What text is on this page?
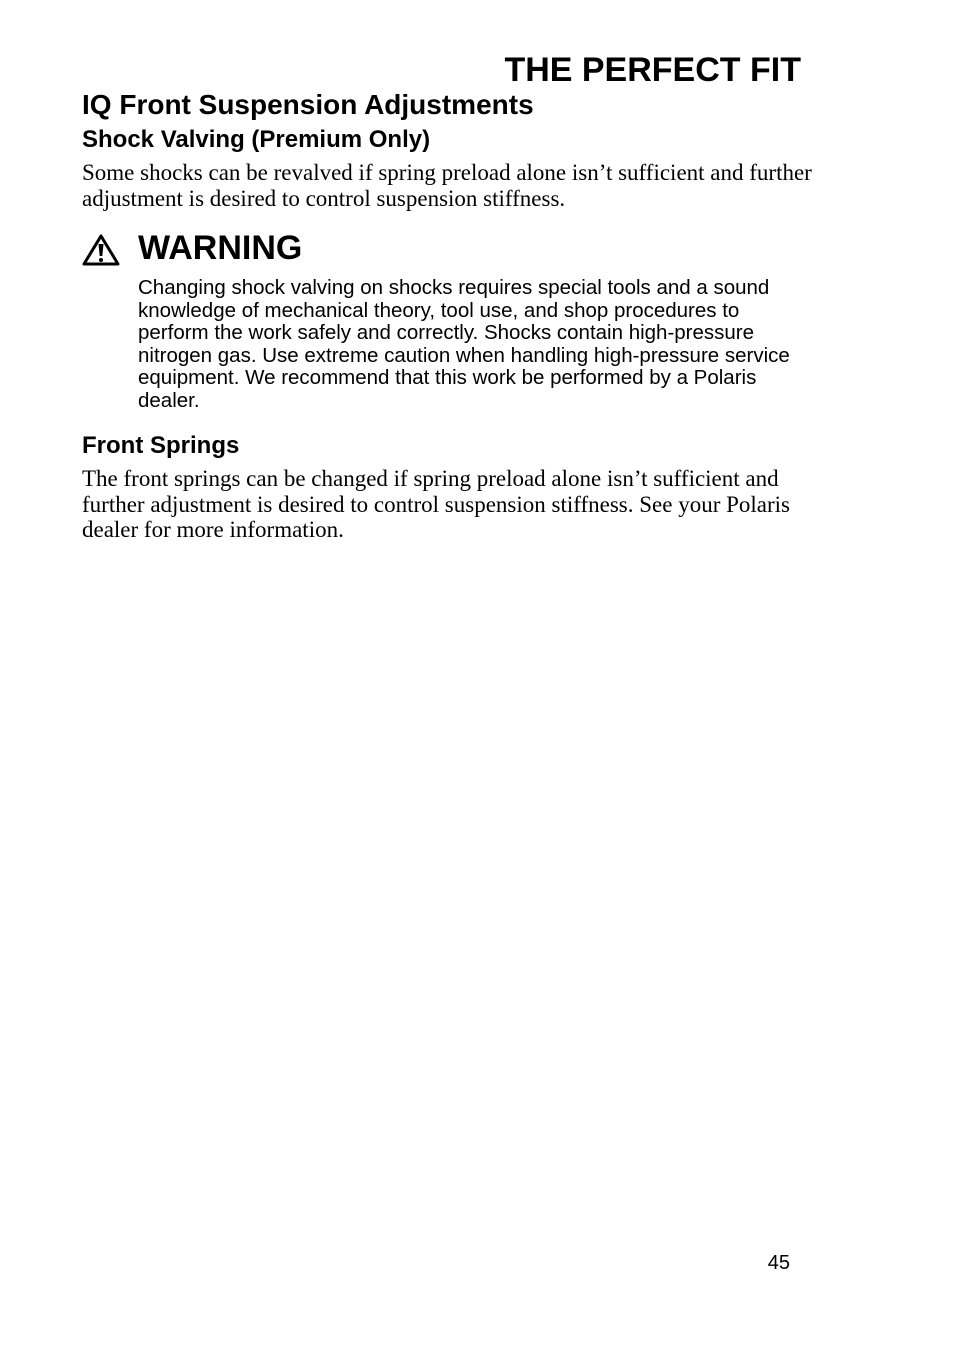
THE PERFECT FIT
IQ Front Suspension Adjustments
Shock Valving (Premium Only)

Some shocks can be revalved if spring preload alone isn’t sufficient and further adjustment is desired to control suspension stiffness.

WARNING

Changing shock valving on shocks requires special tools and a sound knowledge of mechanical theory, tool use, and shop procedures to perform the work safely and correctly. Shocks contain high-pressure nitrogen gas. Use extreme caution when handling high-pressure service equipment. We recommend that this work be performed by a Polaris dealer.

Front Springs

The front springs can be changed if spring preload alone isn’t sufficient and further adjustment is desired to control suspension stiffness. See your Polaris dealer for more information.

45
